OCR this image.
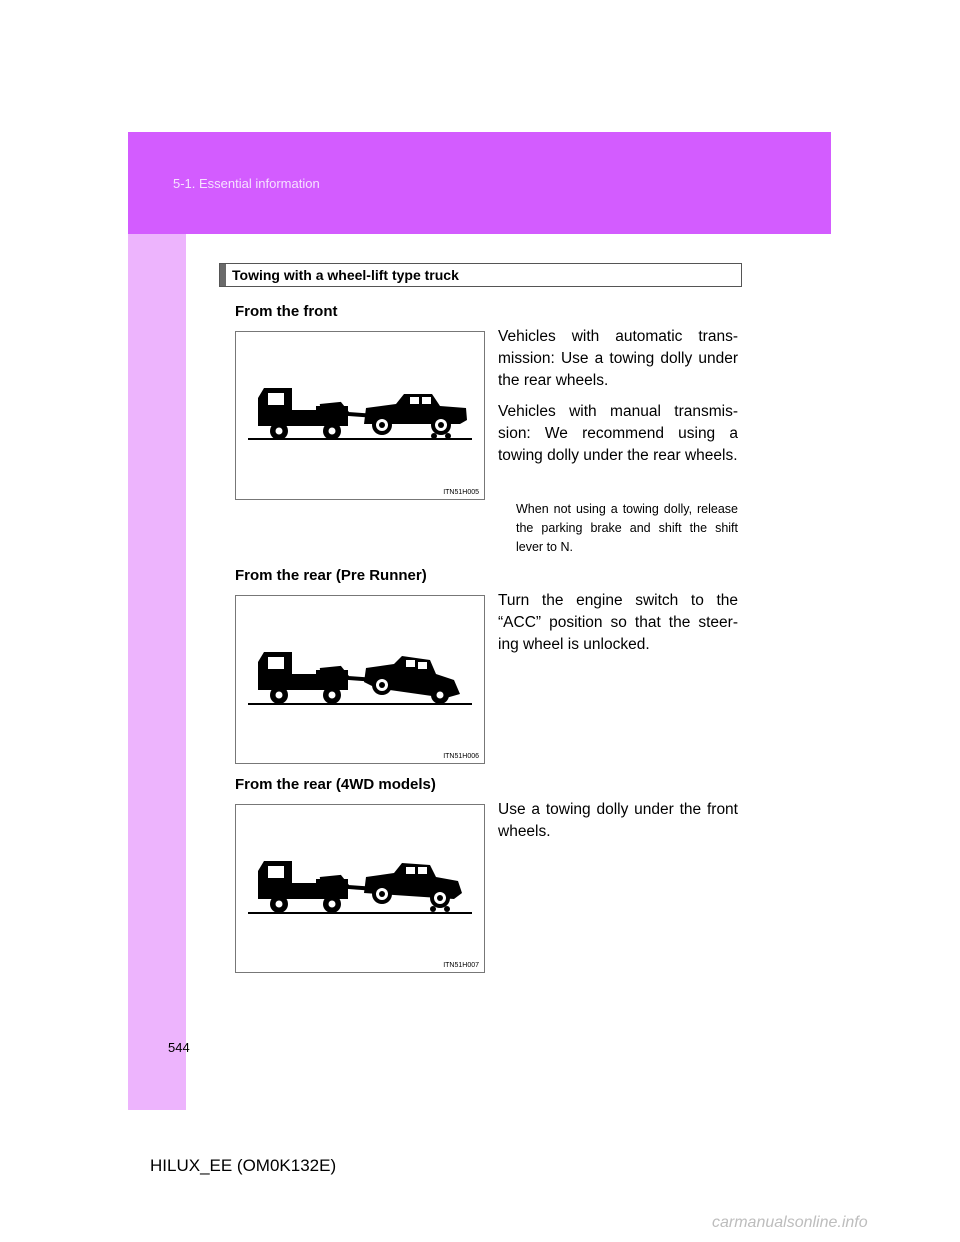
5-1. Essential information
Towing with a wheel-lift type truck
From the front
ITN51H005
Vehicles with automatic trans-mission: Use a towing dolly under the rear wheels.
Vehicles with manual transmis-sion: We recommend using a towing dolly under the rear wheels.
When not using a towing dolly, release the parking brake and shift the shift lever to N.
From the rear (Pre Runner)
ITN51H006
Turn the engine switch to the “ACC” position so that the steer-ing wheel is unlocked.
From the rear (4WD models)
ITN51H007
Use a towing dolly under the front wheels.
544
HILUX_EE (OM0K132E)
carmanualsonline.info
